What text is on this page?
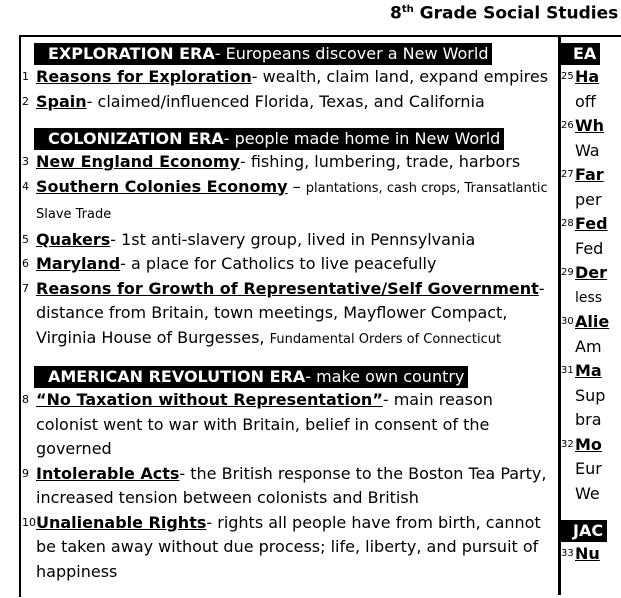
8th Grade Social Studies
EXPLORATION ERA- Europeans discover a New World
1 Reasons for Exploration- wealth, claim land, expand empires
2 Spain- claimed/influenced Florida, Texas, and California
COLONIZATION ERA- people made home in New World
3 New England Economy- fishing, lumbering, trade, harbors
4 Southern Colonies Economy – plantations, cash crops, Transatlantic Slave Trade
5 Quakers- 1st anti-slavery group, lived in Pennsylvania
6 Maryland- a place for Catholics to live peacefully
7 Reasons for Growth of Representative/Self Government- distance from Britain, town meetings, Mayflower Compact, Virginia House of Burgesses, Fundamental Orders of Connecticut
AMERICAN REVOLUTION ERA- make own country
8 “No Taxation without Representation”- main reason colonist went to war with Britain, belief in consent of the governed
9 Intolerable Acts- the British response to the Boston Tea Party, increased tension between colonists and British
10 Unalienable Rights- rights all people have from birth, cannot be taken away without due process; life, liberty, and pursuit of happiness
EA
25 Ha
off
26 Wh
Wa
27 Far
per
28 Fed
Fed
29 Der
less
30 Alie
Am
31 Ma
Sup
bra
32 Mo
Eur
We
JAC
33 Nu
